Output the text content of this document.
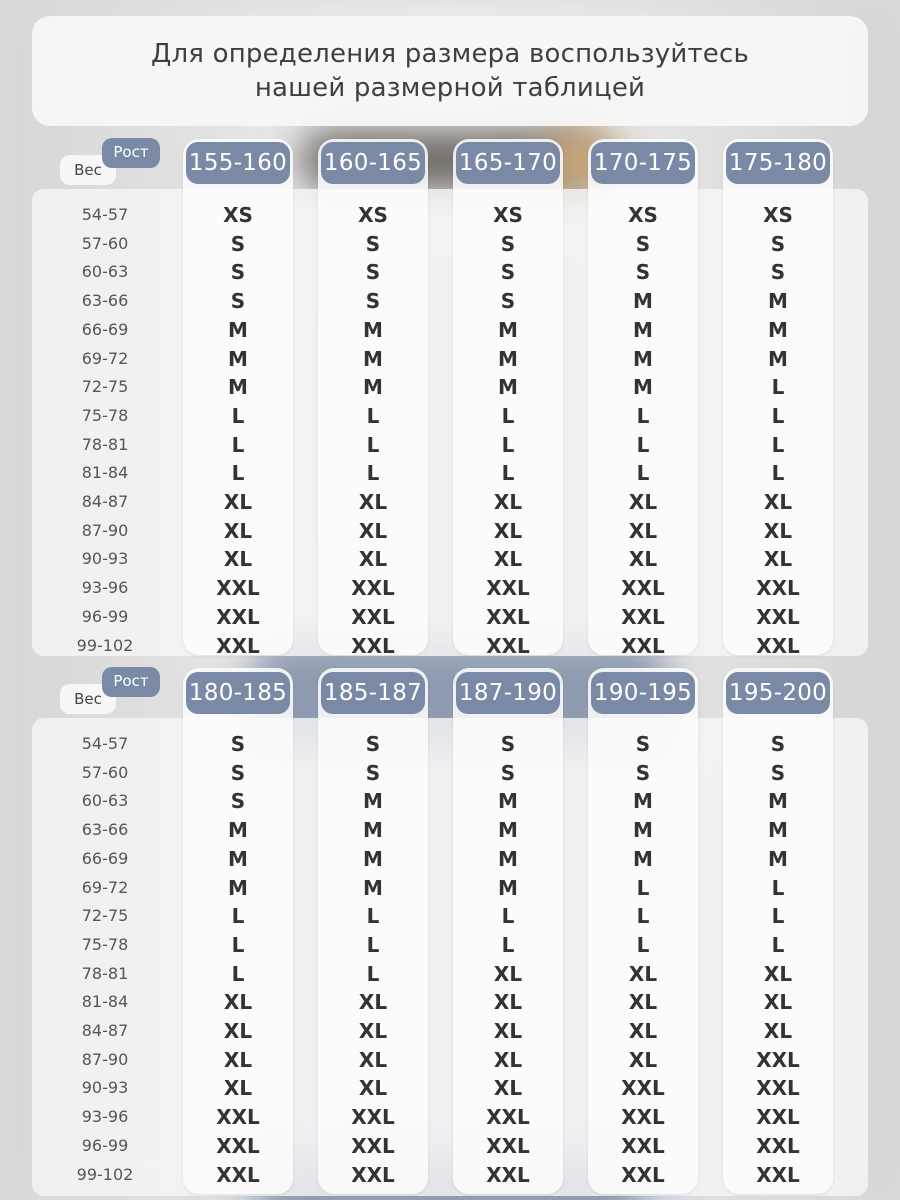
Для определения размера воспользуйтесь
нашей размерной таблицей
Вес
Рост	155-160 160-165 165-170 170-175 175-180
54-57	XS	XS	XS	XS	XS
57-60	S	S	S	S	S
60-63	S	S	S	S	S
63-66	S	S	S	M	M
66-69	M	M	M	M	M
69-72	M	M	M	M	M
72-75	M	M	M	M	L
75-78	L	L	L	L	L
78-81	L	L	L	L	L
81-84	L	L	L	L	L
84-87	XL	XL	XL	XL	XL
87-90	XL	XL	XL	XL	XL
90-93	XL	XL	XL	XL	XL
93-96	XXL	XXL	XXL	XXL	XXL
96-99	XXL	XXL	XXL	XXL	XXL
99-102	XXL	XXL	XXL	XXL	XXL
Вес
Рост	180-185 185-187 187-190 190-195 195-200
54-57	S	S	S	S	S
57-60	S	S	S	S	S
60-63	S	M	M	M	M
63-66	M	M	M	M	M
66-69	M	M	M	M	M
69-72	M	M	M	L	L
72-75	L	L	L	L	L
75-78	L	L	L	L	L
78-81	L	L	XL	XL	XL
81-84	XL	XL	XL	XL	XL
84-87	XL	XL	XL	XL	XL
87-90	XL	XL	XL	XL	XXL
90-93	XL	XL	XL	XXL	XXL
93-96	XXL	XXL	XXL	XXL	XXL
96-99	XXL	XXL	XXL	XXL	XXL
99-102	XXL	XXL	XXL	XXL	XXL
